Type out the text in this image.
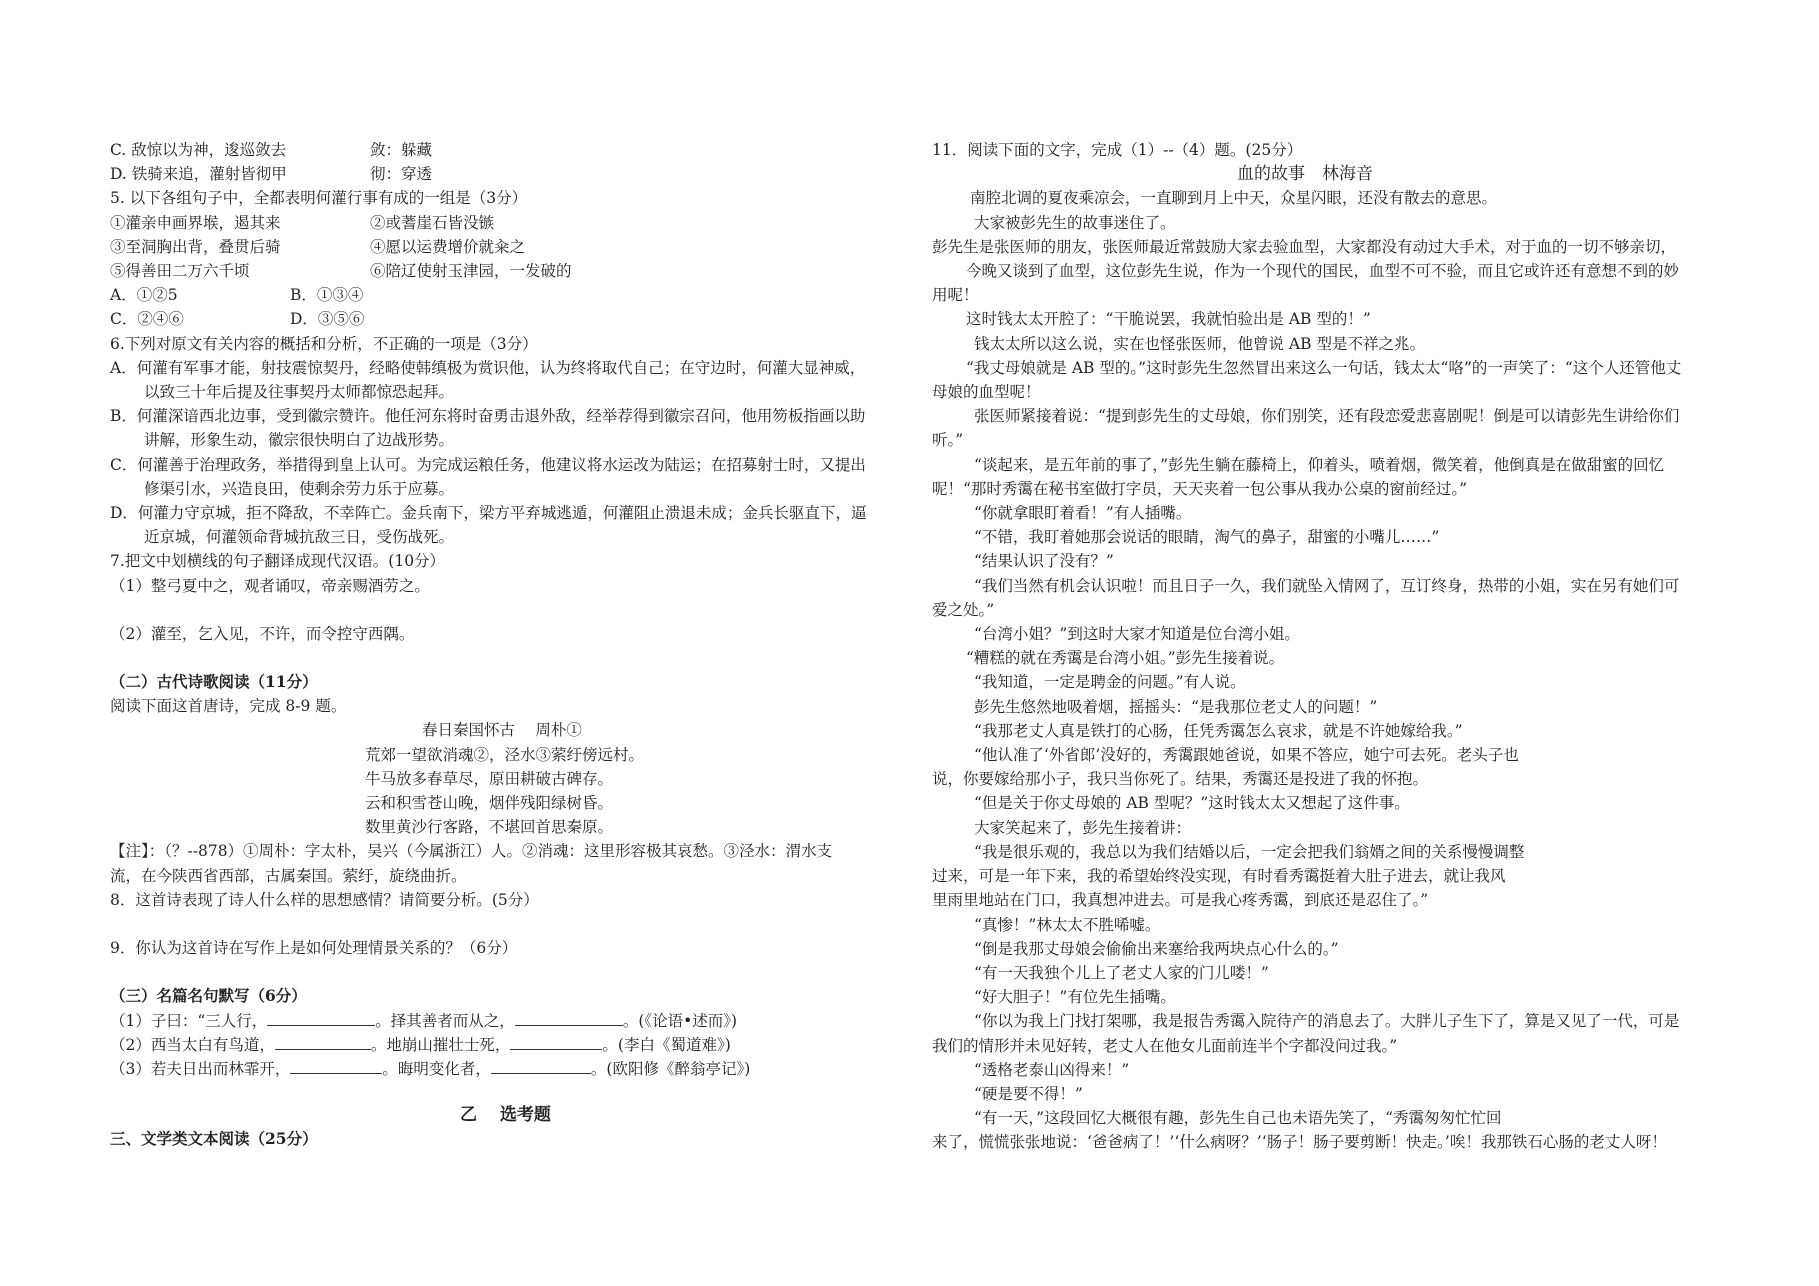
C. 敌惊以为神，逡巡敛去	敛：躲藏
D. 铁骑来追，灌射皆彻甲	彻：穿透
5. 以下各组句子中，全都表明何灌行事有成的一组是（3分）
①灌亲申画界堠，遏其来	②或蓍崖石皆没镞
③至洞胸出背，叠贯后骑	④愿以运费增价就籴之
⑤得善田二万六千顷	⑥陪辽使射玉津园，一发破的
A．①②5	B．①③④
C．②④⑥	D．③⑤⑥
6.下列对原文有关内容的概括和分析，不正确的一项是（3分）
A．何灌有军事才能，射技震惊契丹，经略使韩缜极为赏识他，认为终将取代自己；在守边时，何灌大显神威，
以致三十年后提及往事契丹太师都惊恐起拜。
B．何灌深谙西北边事，受到徽宗赞许。他任河东将时奋勇击退外敌，经举荐得到徽宗召问，他用笏板指画以助
讲解，形象生动，徽宗很快明白了边战形势。
C．何灌善于治理政务，举措得到皇上认可。为完成运粮任务，他建议将水运改为陆运；在招募射士时，又提出
修渠引水，兴造良田，使剩余劳力乐于应募。
D．何灌力守京城，拒不降敌，不幸阵亡。金兵南下，梁方平弃城逃遁，何灌阻止溃退未成；金兵长驱直下，逼
近京城，何灌领命背城抗敌三日，受伤战死。
7.把文中划横线的句子翻译成现代汉语。(10分）
（1）整弓夏中之，观者诵叹，帝亲赐酒劳之。
（2）灌至，乞入见，不许，而令控守西隅。
（二）古代诗歌阅读（11分）
阅读下面这首唐诗，完成 8-9 题。
春日秦国怀古　 周朴①
荒郊一望欲消魂②，泾水③萦纡傍远村。
牛马放多春草尽，原田耕破古碑存。
云和积雪苍山晚，烟伴残阳绿树昏。
数里黄沙行客路，不堪回首思秦原。
【注】：（？--878）①周朴：字太朴，吴兴（今属浙江）人。②消魂：这里形容极其哀愁。③泾水：渭水支
流，在今陕西省西部，古属秦国。萦纡，旋绕曲折。
8．这首诗表现了诗人什么样的思想感情？请简要分析。(5分）
9．你认为这首诗在写作上是如何处理情景关系的？（6分）
（三）名篇名句默写（6分）
（1）子曰：“三人行，	。择其善者而从之，	。(《论语•述而》)
（2）西当太白有鸟道，	。地崩山摧壮士死，	。(李白《蜀道难》)
（3）若夫日出而林霏开，	。晦明变化者，	。(欧阳修《醉翁亭记》)
乙　 选考题
三、文学类文本阅读（25分）
11．阅读下面的文字，完成（1）--（4）题。(25分）
血的故事　林海音
南腔北调的夏夜乘凉会，一直聊到月上中天，众星闪眼，还没有散去的意思。
大家被彭先生的故事迷住了。
彭先生是张医师的朋友，张医师最近常鼓励大家去验血型，大家都没有动过大手术，对于血的一切不够亲切，
今晚又谈到了血型，这位彭先生说，作为一个现代的国民，血型不可不验，而且它或许还有意想不到的妙
用呢！
这时钱太太开腔了：“干脆说罢，我就怕验出是 AB 型的！”
钱太太所以这么说，实在也怪张医师，他曾说 AB 型是不祥之兆。
“我丈母娘就是 AB 型的。”这时彭先生忽然冒出来这么一句话，钱太太“咯”的一声笑了：“这个人还管他丈
母娘的血型呢！
张医师紧接着说：“提到彭先生的丈母娘，你们别笑，还有段恋爱悲喜剧呢！倒是可以请彭先生讲给你们
听。”
“谈起来，是五年前的事了，”彭先生躺在藤椅上，仰着头，喷着烟，微笑着，他倒真是在做甜蜜的回忆
呢！“那时秀霭在秘书室做打字员，天天夹着一包公事从我办公桌的窗前经过。”
“你就拿眼盯着看！”有人插嘴。
“不错，我盯着她那会说话的眼睛，淘气的鼻子，甜蜜的小嘴儿……”
“结果认识了没有？”
“我们当然有机会认识啦！而且日子一久，我们就坠入情网了，互订终身，热带的小姐，实在另有她们可
爱之处。”
“台湾小姐？”到这时大家才知道是位台湾小姐。
“糟糕的就在秀霭是台湾小姐。”彭先生接着说。
“我知道，一定是聘金的问题。”有人说。
彭先生悠然地吸着烟，摇摇头：“是我那位老丈人的问题！”
“我那老丈人真是铁打的心肠，任凭秀霭怎么哀求，就是不许她嫁给我。”
“他认准了‘外省郎’没好的，秀霭跟她爸说，如果不答应，她宁可去死。老头子也
说，你要嫁给那小子，我只当你死了。结果，秀霭还是投进了我的怀抱。
“但是关于你丈母娘的 AB 型呢？”这时钱太太又想起了这件事。
大家笑起来了，彭先生接着讲：
“我是很乐观的，我总以为我们结婚以后，一定会把我们翁婿之间的关系慢慢调整
过来，可是一年下来，我的希望始终没实现，有时看秀霭挺着大肚子进去，就让我风
里雨里地站在门口，我真想冲进去。可是我心疼秀霭，到底还是忍住了。”
“真惨！”林太太不胜唏嘘。
“倒是我那丈母娘会偷偷出来塞给我两块点心什么的。”
“有一天我独个儿上了老丈人家的门儿喽！”
“好大胆子！”有位先生插嘴。
“你以为我上门找打架哪，我是报告秀霭入院待产的消息去了。大胖儿子生下了，算是又见了一代，可是
我们的情形并未见好转，老丈人在他女儿面前连半个字都没问过我。”
“透格老泰山凶得来！”
“硬是要不得！”
“有一天，”这段回忆大概很有趣，彭先生自己也未语先笑了，“秀霭匆匆忙忙回
来了，慌慌张张地说：‘爸爸病了！’‘什么病呀？’‘肠子！肠子要剪断！快走。’唉！我那铁石心肠的老丈人呀！
